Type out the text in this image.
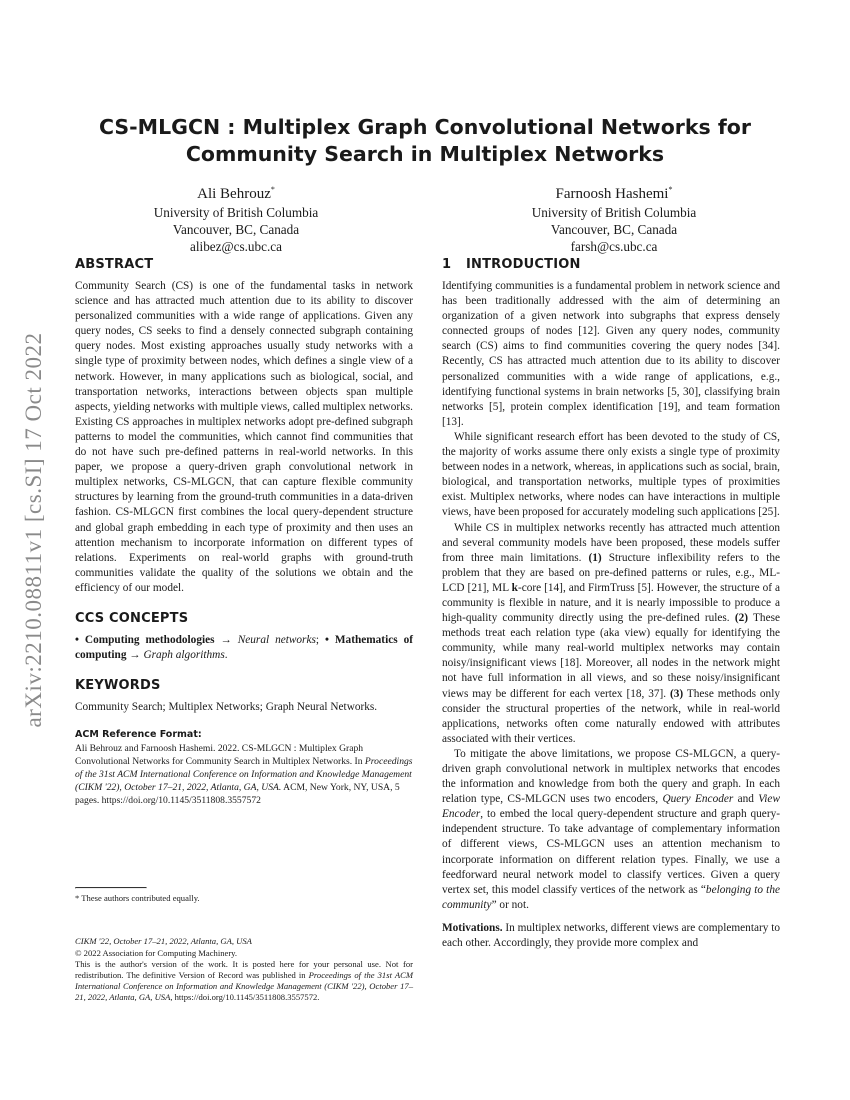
arXiv:2210.08811v1 [cs.SI] 17 Oct 2022
CS-MLGCN : Multiplex Graph Convolutional Networks for Community Search in Multiplex Networks
Ali Behrouz*
University of British Columbia
Vancouver, BC, Canada
alibez@cs.ubc.ca
Farnoosh Hashemi*
University of British Columbia
Vancouver, BC, Canada
farsh@cs.ubc.ca
ABSTRACT

Community Search (CS) is one of the fundamental tasks in network science and has attracted much attention due to its ability to discover personalized communities with a wide range of applications. Given any query nodes, CS seeks to find a densely connected subgraph containing query nodes. Most existing approaches usually study networks with a single type of proximity between nodes, which defines a single view of a network. However, in many applications such as biological, social, and transportation networks, interactions between objects span multiple aspects, yielding networks with multiple views, called multiplex networks. Existing CS approaches in multiplex networks adopt pre-defined subgraph patterns to model the communities, which cannot find communities that do not have such pre-defined patterns in real-world networks. In this paper, we propose a query-driven graph convolutional network in multiplex networks, CS-MLGCN, that can capture flexible community structures by learning from the ground-truth communities in a data-driven fashion. CS-MLGCN first combines the local query-dependent structure and global graph embedding in each type of proximity and then uses an attention mechanism to incorporate information on different types of relations. Experiments on real-world graphs with ground-truth communities validate the quality of the solutions we obtain and the efficiency of our model.

CCS CONCEPTS

• Computing methodologies → Neural networks; • Mathematics of computing → Graph algorithms.

KEYWORDS

Community Search; Multiplex Networks; Graph Neural Networks.

ACM Reference Format:

Ali Behrouz and Farnoosh Hashemi. 2022. CS-MLGCN : Multiplex Graph Convolutional Networks for Community Search in Multiplex Networks. In Proceedings of the 31st ACM International Conference on Information and Knowledge Management (CIKM '22), October 17–21, 2022, Atlanta, GA, USA. ACM, New York, NY, USA, 5 pages. https://doi.org/10.1145/3511808.3557572

* These authors contributed equally.

CIKM '22, October 17–21, 2022, Atlanta, GA, USA

© 2022 Association for Computing Machinery.

This is the author's version of the work. It is posted here for your personal use. Not for redistribution. The definitive Version of Record was published in Proceedings of the 31st ACM International Conference on Information and Knowledge Management (CIKM '22), October 17–21, 2022, Atlanta, GA, USA, https://doi.org/10.1145/3511808.3557572.

1 INTRODUCTION

Identifying communities is a fundamental problem in network science and has been traditionally addressed with the aim of determining an organization of a given network into subgraphs that express densely connected groups of nodes [12]. Given any query nodes, community search (CS) aims to find communities covering the query nodes [34]. Recently, CS has attracted much attention due to its ability to discover personalized communities with a wide range of applications, e.g., identifying functional systems in brain networks [5, 30], classifying brain networks [5], protein complex identification [19], and team formation [13].

While significant research effort has been devoted to the study of CS, the majority of works assume there only exists a single type of proximity between nodes in a network, whereas, in applications such as social, brain, biological, and transportation networks, multiple types of proximities exist. Multiplex networks, where nodes can have interactions in multiple views, have been proposed for accurately modeling such applications [25].

While CS in multiplex networks recently has attracted much attention and several community models have been proposed, these models suffer from three main limitations. (1) Structure inflexibility refers to the problem that they are based on pre-defined patterns or rules, e.g., ML-LCD [21], ML k-core [14], and FirmTruss [5]. However, the structure of a community is flexible in nature, and it is nearly impossible to produce a high-quality community directly using the pre-defined rules. (2) These methods treat each relation type (aka view) equally for identifying the community, while many real-world multiplex networks may contain noisy/insignificant views [18]. Moreover, all nodes in the network might not have full information in all views, and so these noisy/insignificant views may be different for each vertex [18, 37]. (3) These methods only consider the structural properties of the network, while in real-world applications, networks often come naturally endowed with attributes associated with their vertices.

To mitigate the above limitations, we propose CS-MLGCN, a query-driven graph convolutional network in multiplex networks that encodes the information and knowledge from both the query and graph. In each relation type, CS-MLGCN uses two encoders, Query Encoder and View Encoder, to embed the local query-dependent structure and graph query-independent structure. To take advantage of complementary information of different views, CS-MLGCN uses an attention mechanism to incorporate information on different relation types. Finally, we use a feedforward neural network model to classify vertices. Given a query vertex set, this model classify vertices of the network as “belonging to the community” or not.

Motivations. In multiplex networks, different views are complementary to each other. Accordingly, they provide more complex and
